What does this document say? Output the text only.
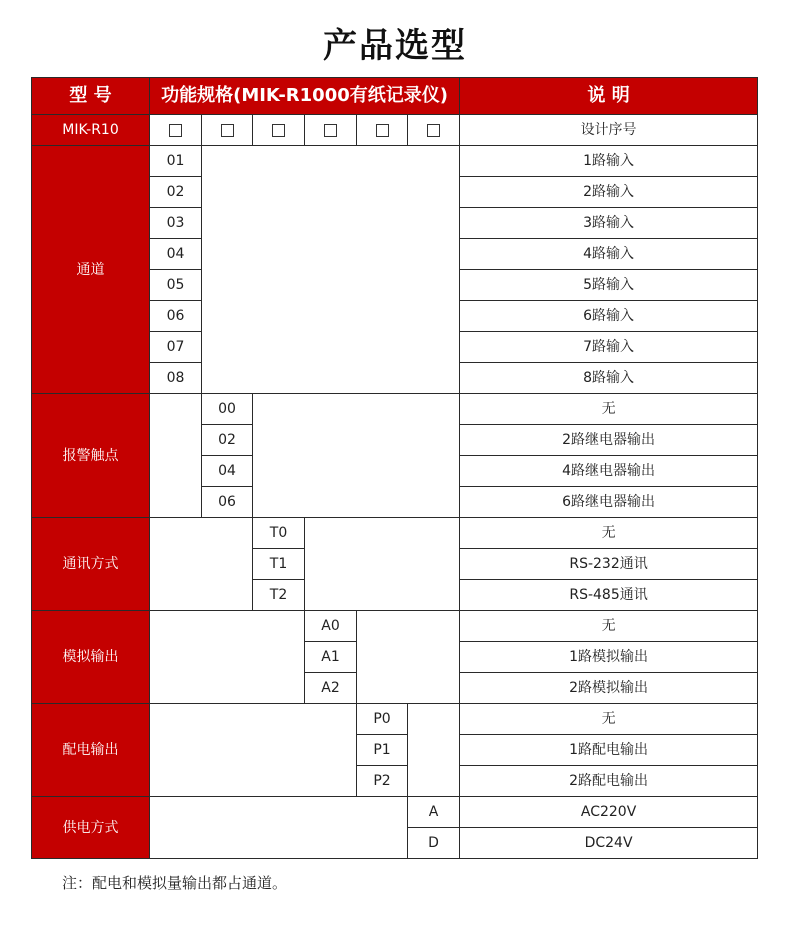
产品选型
型 号	功能规格(MIK-R1000有纸记录仪)						说 明
MIK-R10							设计序号
通道	01						1路输入
	02						2路输入
	03						3路输入
	04						4路输入
	05						5路输入
	06						6路输入
	07						7路输入
	08						8路输入
报警触点		00					无
		02					2路继电器输出
		04					4路继电器输出
		06					6路继电器输出
通讯方式			T0				无
			T1				RS-232通讯
			T2				RS-485通讯
模拟输出				A0			无
				A1			1路模拟输出
				A2			2路模拟输出
配电输出					P0		无
					P1		1路配电输出
					P2		2路配电输出
供电方式						A	AC220V
						D	DC24V
注：配电和模拟量输出都占通道。
